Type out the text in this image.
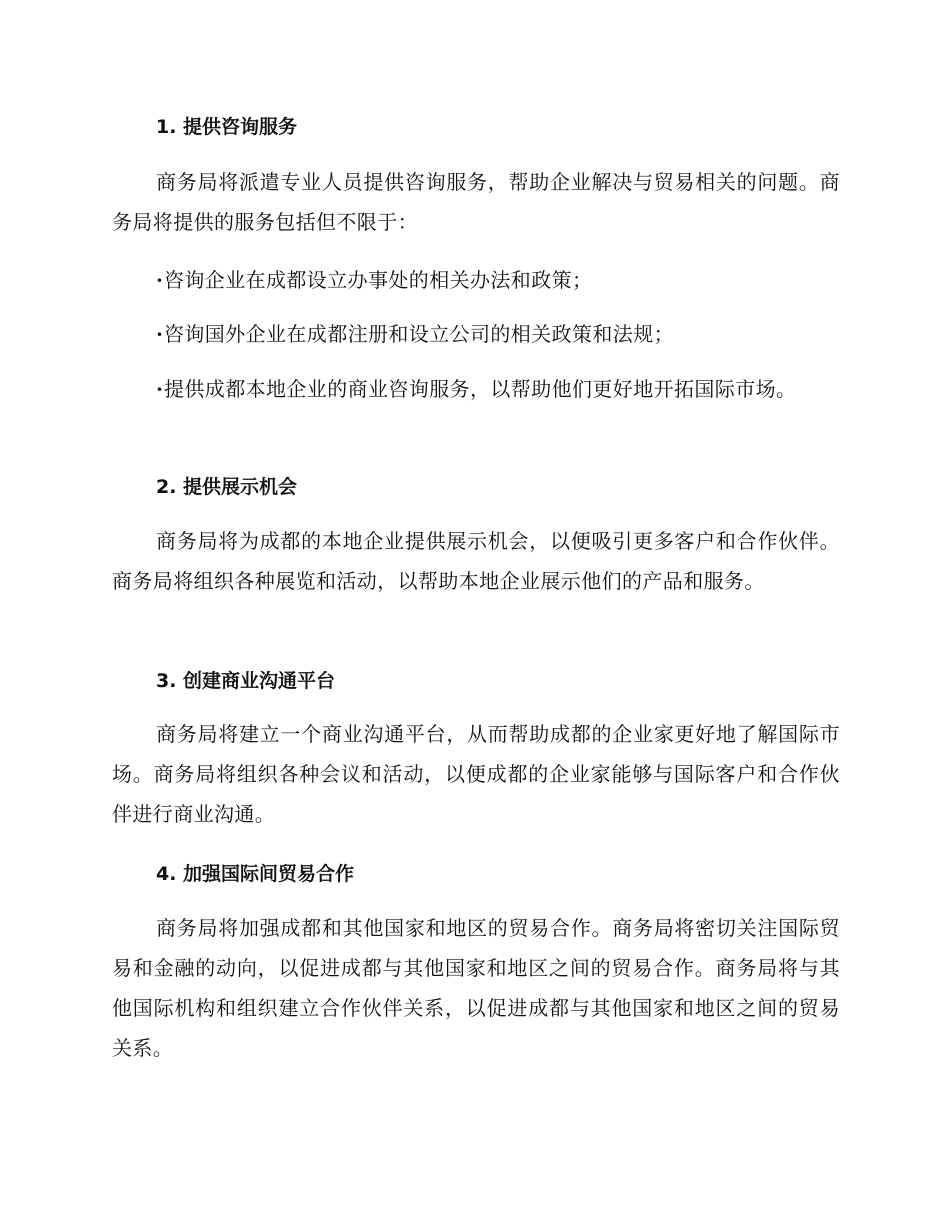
1. 提供咨询服务
商务局将派遣专业人员提供咨询服务，帮助企业解决与贸易相关的问题。商务局将提供的服务包括但不限于：
·咨询企业在成都设立办事处的相关办法和政策；
·咨询国外企业在成都注册和设立公司的相关政策和法规；
·提供成都本地企业的商业咨询服务，以帮助他们更好地开拓国际市场。
2. 提供展示机会
商务局将为成都的本地企业提供展示机会，以便吸引更多客户和合作伙伴。商务局将组织各种展览和活动，以帮助本地企业展示他们的产品和服务。
3. 创建商业沟通平台
商务局将建立一个商业沟通平台，从而帮助成都的企业家更好地了解国际市场。商务局将组织各种会议和活动，以便成都的企业家能够与国际客户和合作伙伴进行商业沟通。
4. 加强国际间贸易合作
商务局将加强成都和其他国家和地区的贸易合作。商务局将密切关注国际贸易和金融的动向，以促进成都与其他国家和地区之间的贸易合作。商务局将与其他国际机构和组织建立合作伙伴关系，以促进成都与其他国家和地区之间的贸易关系。
